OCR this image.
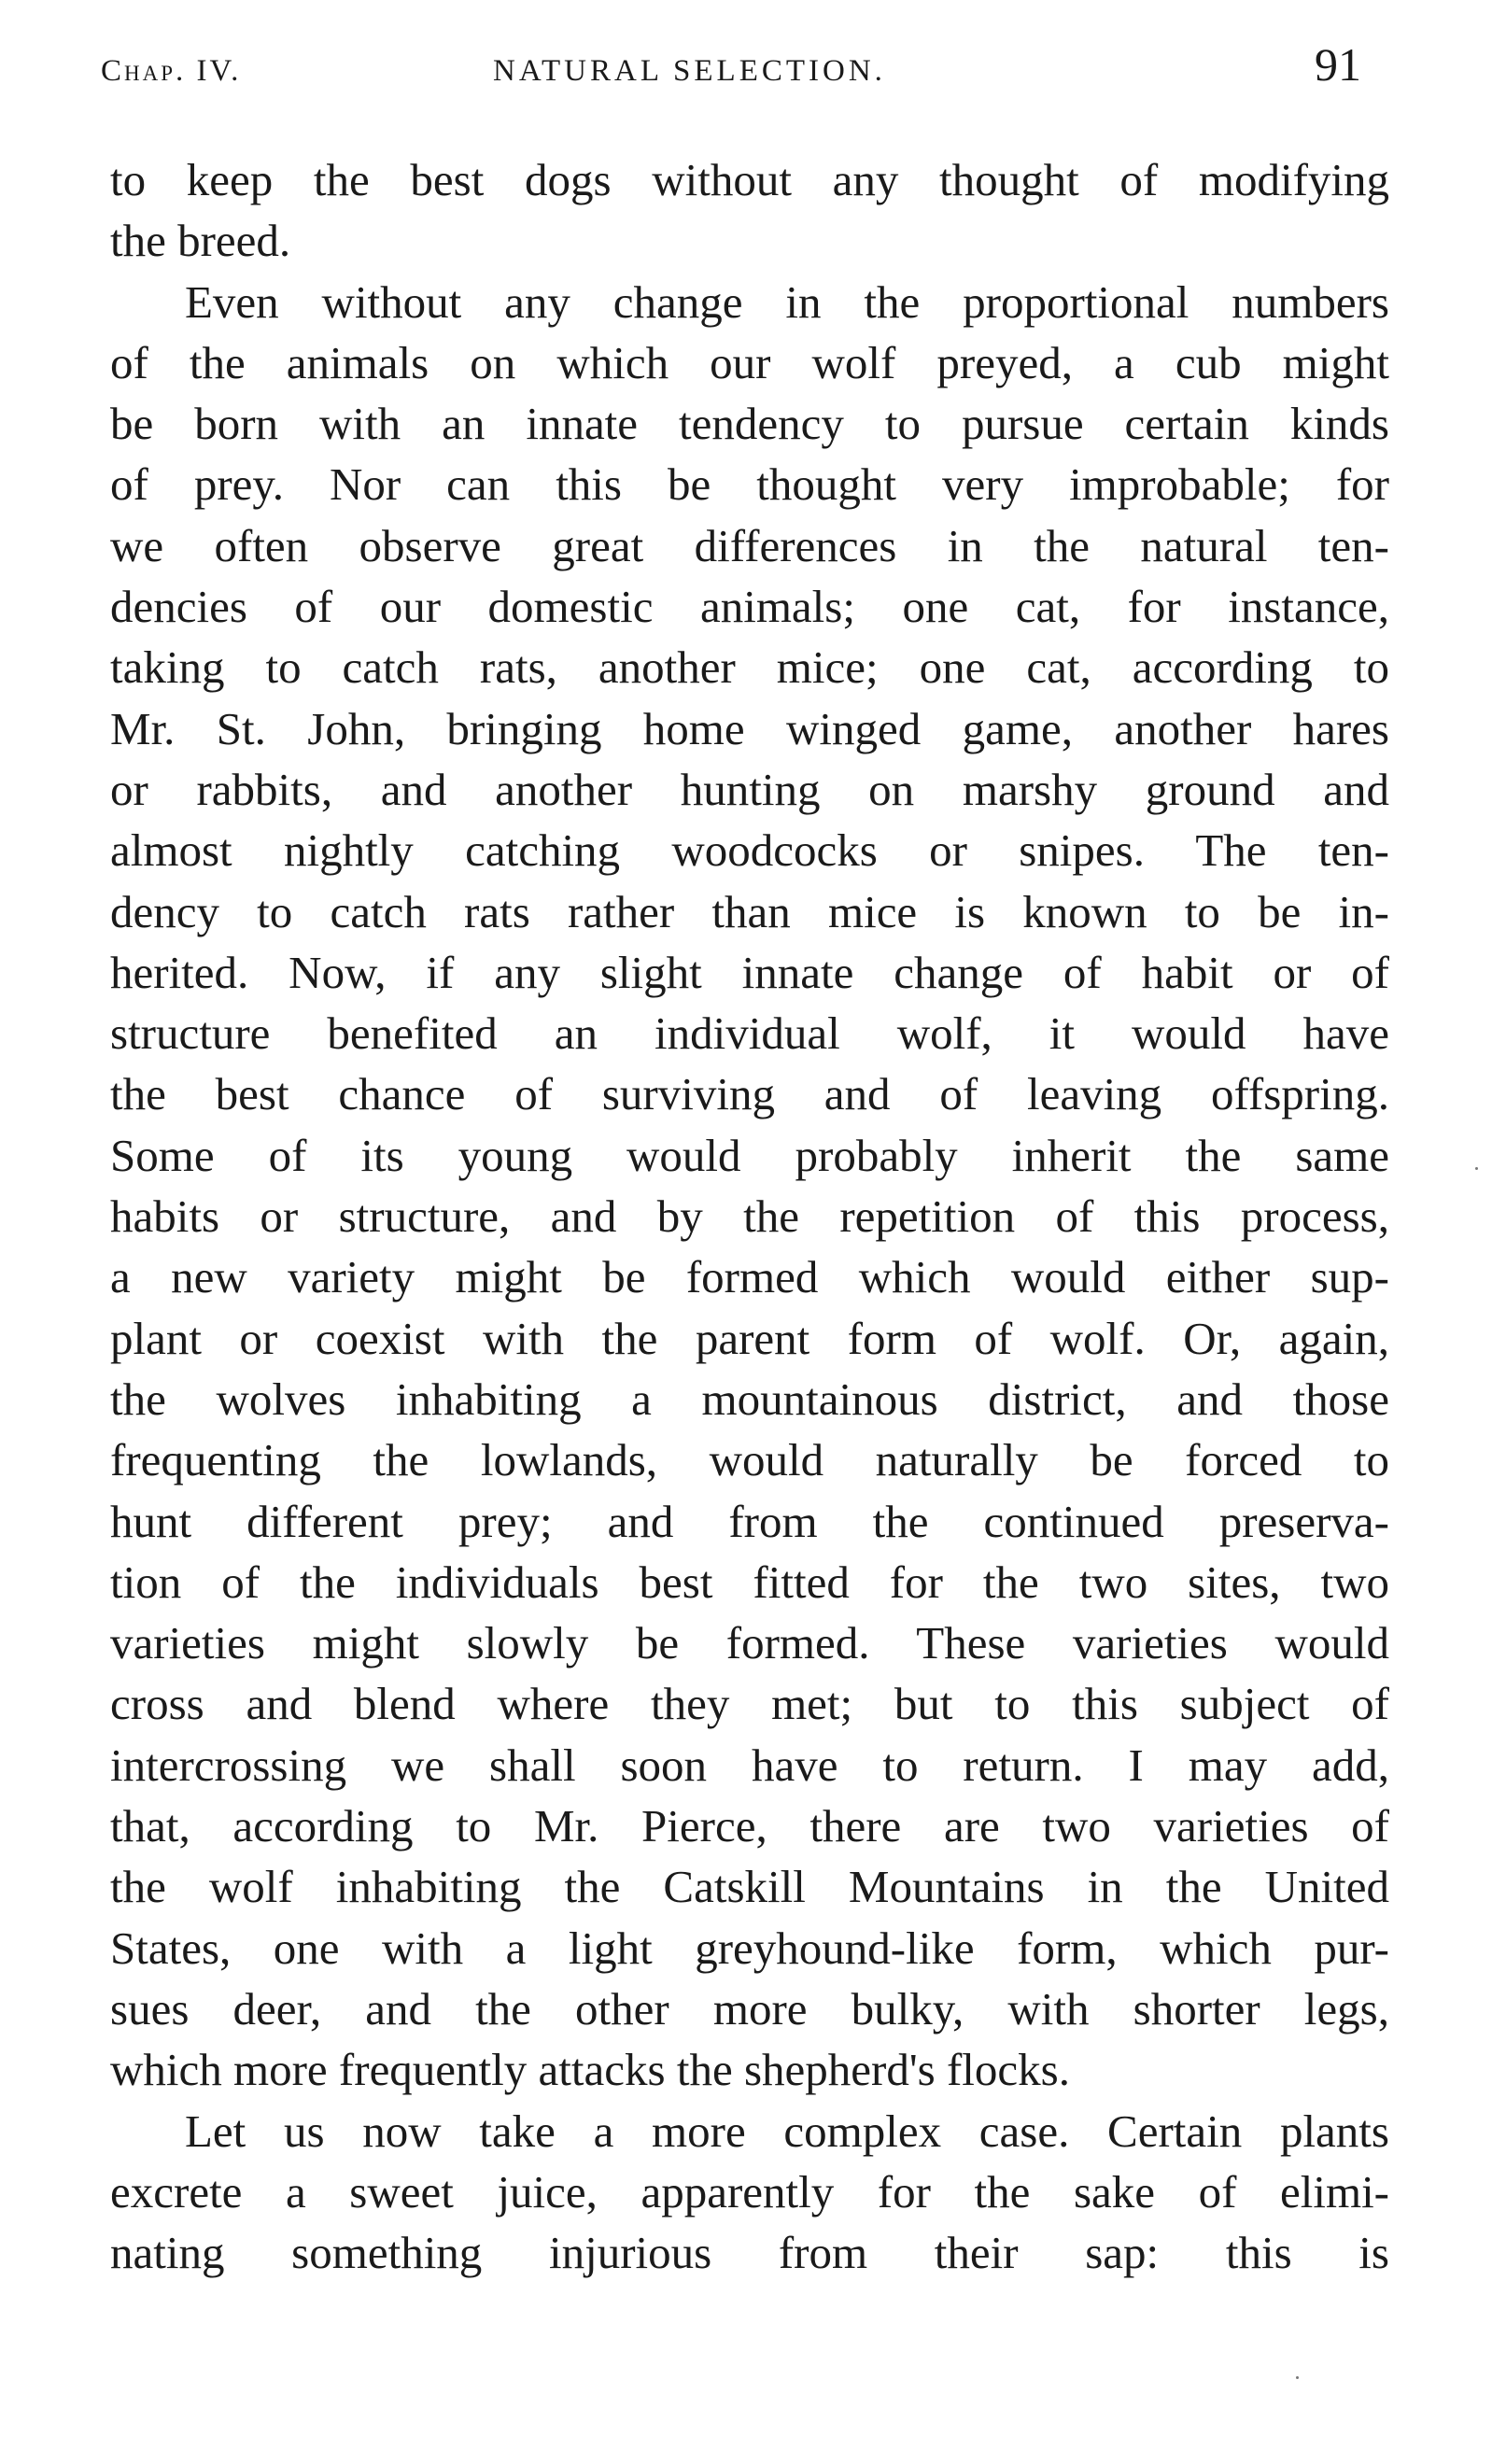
Chap. IV.	NATURAL SELECTION.	91
to keep the best dogs without any thought of modifying
the breed.
Even without any change in the proportional numbers
of the animals on which our wolf preyed, a cub might
be born with an innate tendency to pursue certain kinds
of prey. Nor can this be thought very improbable; for
we often observe great differences in the natural ten-
dencies of our domestic animals; one cat, for instance,
taking to catch rats, another mice; one cat, according to
Mr. St. John, bringing home winged game, another hares
or rabbits, and another hunting on marshy ground and
almost nightly catching woodcocks or snipes. The ten-
dency to catch rats rather than mice is known to be in-
herited. Now, if any slight innate change of habit or of
structure benefited an individual wolf, it would have
the best chance of surviving and of leaving offspring.
Some of its young would probably inherit the same
habits or structure, and by the repetition of this process,
a new variety might be formed which would either sup-
plant or coexist with the parent form of wolf. Or, again,
the wolves inhabiting a mountainous district, and those
frequenting the lowlands, would naturally be forced to
hunt different prey; and from the continued preserva-
tion of the individuals best fitted for the two sites, two
varieties might slowly be formed. These varieties would
cross and blend where they met; but to this subject of
intercrossing we shall soon have to return. I may add,
that, according to Mr. Pierce, there are two varieties of
the wolf inhabiting the Catskill Mountains in the United
States, one with a light greyhound-like form, which pur-
sues deer, and the other more bulky, with shorter legs,
which more frequently attacks the shepherd's flocks.
Let us now take a more complex case. Certain plants
excrete a sweet juice, apparently for the sake of elimi-
nating something injurious from their sap: this is
